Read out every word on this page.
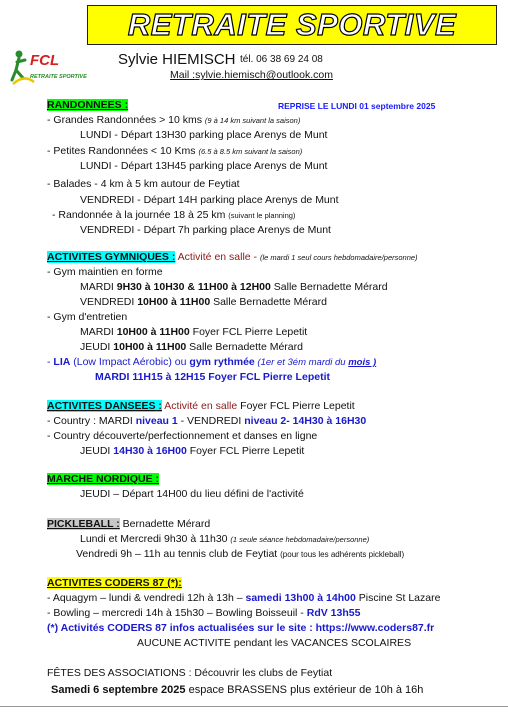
RETRAITE SPORTIVE
FCL
RETRAITE SPORTIVE
Sylvie HIEMISCH tél. 06 38 69 24 08
Mail :sylvie.hiemisch@outlook.com
RANDONNEES :	REPRISE LE LUNDI 01 septembre 2025
- Grandes Randonnées > 10 kms (9 à 14 km suivant la saison)
LUNDI - Départ 13H30 parking place Arenys de Munt
- Petites Randonnées < 10 Kms (6.5 à 8.5 km suivant la saison)
LUNDI - Départ 13H45 parking place Arenys de Munt
- Balades - 4 km à 5 km autour de Feytiat
VENDREDI - Départ 14H parking place Arenys de Munt
- Randonnée à la journée 18 à 25 km (suivant le planning)
VENDREDI - Départ 7h parking place Arenys de Munt
ACTIVITES GYMNIQUES : Activité en salle - (le mardi 1 seul cours hebdomadaire/personne)
- Gym maintien en forme
MARDI 9H30 à 10H30 & 11H00 à 12H00 Salle Bernadette Mérard
VENDREDI 10H00 à 11H00 Salle Bernadette Mérard
- Gym d'entretien
MARDI 10H00 à 11H00 Foyer FCL Pierre Lepetit
JEUDI 10H00 à 11H00 Salle Bernadette Mérard
- LIA (Low Impact Aérobic) ou gym rythmée (1er et 3ém mardi du mois )
MARDI 11H15 à 12H15 Foyer FCL Pierre Lepetit
ACTIVITES DANSEES : Activité en salle Foyer FCL Pierre Lepetit
- Country : MARDI niveau 1 - VENDREDI niveau 2- 14H30 à 16H30
- Country découverte/perfectionnement et danses en ligne
JEUDI 14H30 à 16H00 Foyer FCL Pierre Lepetit
MARCHE NORDIQUE :
JEUDI – Départ 14H00 du lieu défini de l'activité
PICKLEBALL : Bernadette Mérard
Lundi et Mercredi 9h30 à 11h30 (1 seule séance hebdomadaire/personne)
Vendredi 9h – 11h au tennis club de Feytiat (pour tous les adhérents pickleball)
ACTIVITES CODERS 87 (*):
- Aquagym – lundi & vendredi 12h à 13h – samedi 13h00 à 14h00 Piscine St Lazare
- Bowling – mercredi 14h à 15h30 – Bowling Boisseuil - RdV 13h55
(*) Activités CODERS 87 infos actualisées sur le site : https://www.coders87.fr
AUCUNE ACTIVITE pendant les VACANCES SCOLAIRES
FÊTES DES ASSOCIATIONS : Découvrir les clubs de Feytiat
Samedi 6 septembre 2025 espace BRASSENS plus extérieur de 10h à 16h
